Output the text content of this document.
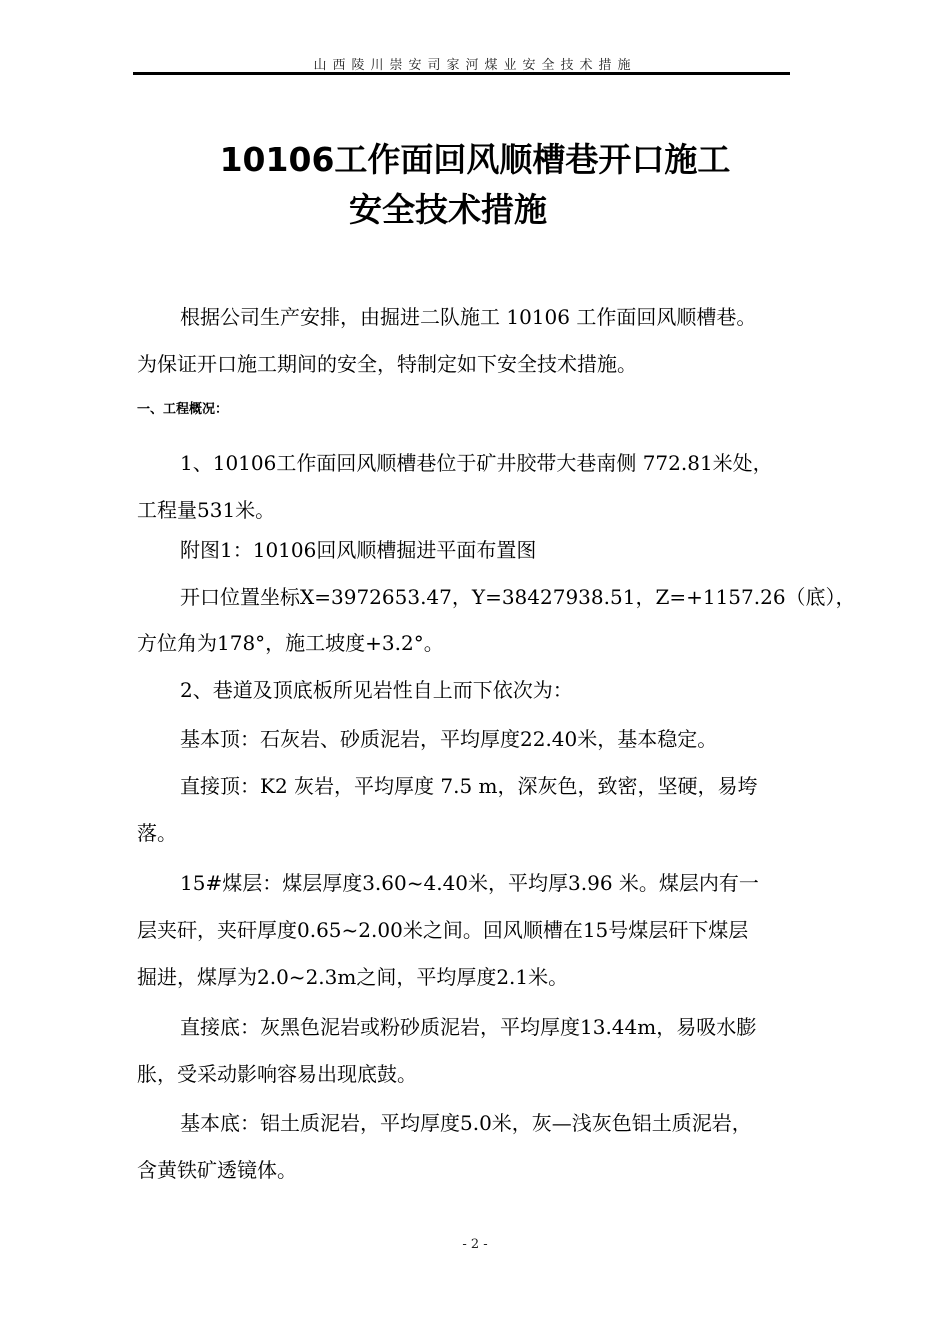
山西陵川崇安司家河煤业安全技术措施
10106工作面回风顺槽巷开口施工
安全技术措施
根据公司生产安排，由掘进二队施工 10106 工作面回风顺槽巷。
为保证开口施工期间的安全，特制定如下安全技术措施。
一、工程概况：
1、10106工作面回风顺槽巷位于矿井胶带大巷南侧 772.81米处，
工程量531米。
附图1：10106回风顺槽掘进平面布置图
开口位置坐标X=3972653.47，Y=38427938.51，Z=+1157.26（底），
方位角为178°，施工坡度+3.2°。
2、巷道及顶底板所见岩性自上而下依次为：
基本顶：石灰岩、砂质泥岩，平均厚度22.40米，基本稳定。
直接顶：K2 灰岩，平均厚度 7.5 m，深灰色，致密，坚硬，易垮
落。
15#煤层：煤层厚度3.60~4.40米，平均厚3.96 米。煤层内有一
层夹矸，夹矸厚度0.65~2.00米之间。回风顺槽在15号煤层矸下煤层
掘进，煤厚为2.0~2.3m之间，平均厚度2.1米。
直接底：灰黑色泥岩或粉砂质泥岩，平均厚度13.44m，易吸水膨
胀，受采动影响容易出现底鼓。
基本底：铝土质泥岩，平均厚度5.0米，灰—浅灰色铝土质泥岩，
含黄铁矿透镜体。
- 2 -
